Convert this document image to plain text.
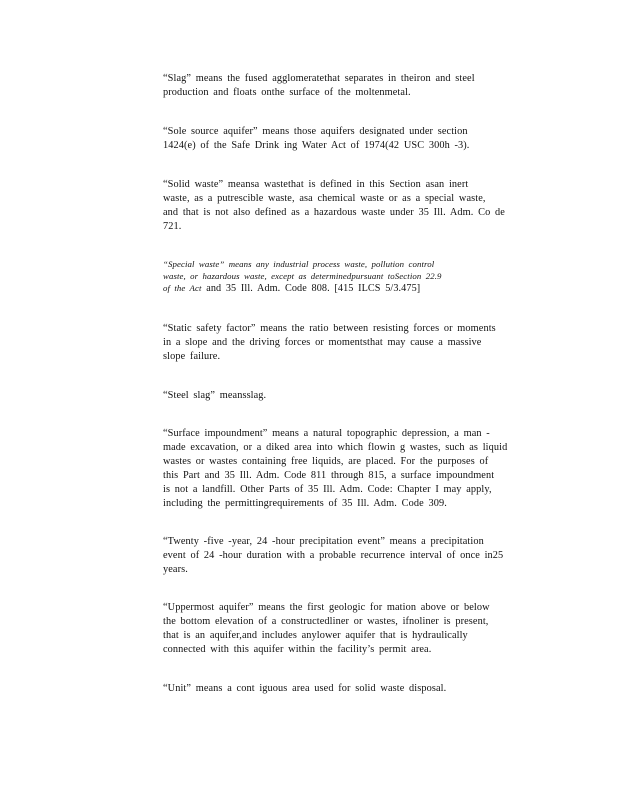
“Slag” means the fused agglomeratethat separates in theiron and steel
production and floats onthe surface of the moltenmetal.
“Sole source aquifer” means those aquifers designated under section
1424(e) of the Safe Drink ing Water Act of 1974(42 USC 300h -3).
“Solid waste” meansa wastethat is defined in this Section asan inert
waste, as a putrescible waste, asa chemical waste or as a special waste,
and that is not also defined as a hazardous waste under 35 Ill. Adm. Co de
721.
“Special waste” means any industrial process waste, pollution control
waste, or hazardous waste, except as determinedpursuant toSection 22.9
of the Act and 35 Ill. Adm. Code 808. [415 ILCS 5/3.475]
“Static safety factor” means the ratio between resisting forces or moments
in a slope and the driving forces or momentsthat may cause a massive
slope failure.
“Steel slag” meansslag.
“Surface impoundment” means a natural topographic depression, a man -
made excavation, or a diked area into which flowin g wastes, such as liquid
wastes or wastes containing free liquids, are placed. For the purposes of
this Part and 35 Ill. Adm. Code 811 through 815, a surface impoundment
is not a landfill. Other Parts of 35 Ill. Adm. Code: Chapter I may apply,
including the permittingrequirements of 35 Ill. Adm. Code 309.
“Twenty -five -year, 24 -hour precipitation event” means a precipitation
event of 24 -hour duration with a probable recurrence interval of once in25
years.
“Uppermost aquifer” means the first geologic for mation above or below
the bottom elevation of a constructedliner or wastes, ifnoliner is present,
that is an aquifer,and includes anylower aquifer that is hydraulically
connected with this aquifer within the facility’s permit area.
“Unit” means a cont iguous area used for solid waste disposal.
